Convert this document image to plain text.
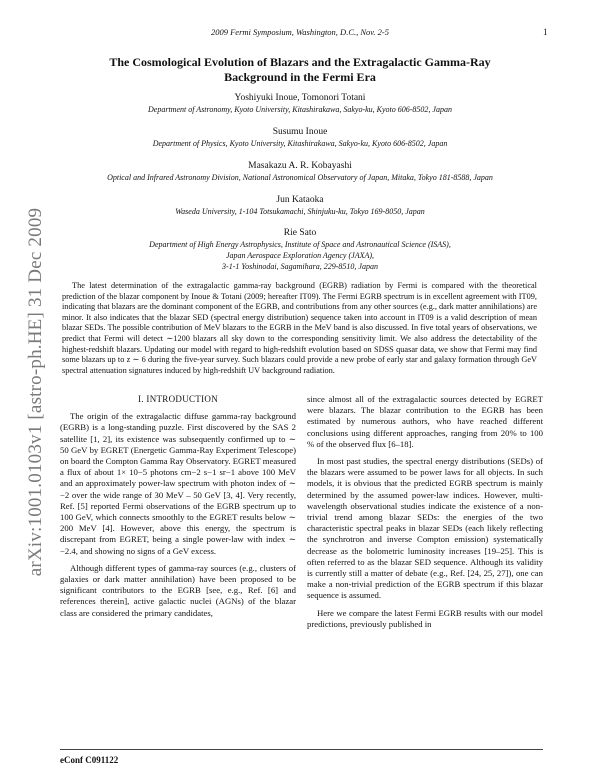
2009 Fermi Symposium, Washington, D.C., Nov. 2-5	1
arXiv:1001.0103v1 [astro-ph.HE] 31 Dec 2009
The Cosmological Evolution of Blazars and the Extragalactic Gamma-Ray
Background in the Fermi Era
Yoshiyuki Inoue, Tomonori Totani
Department of Astronomy, Kyoto University, Kitashirakawa, Sakyo-ku, Kyoto 606-8502, Japan
Susumu Inoue
Department of Physics, Kyoto University, Kitashirakawa, Sakyo-ku, Kyoto 606-8502, Japan
Masakazu A. R. Kobayashi
Optical and Infrared Astronomy Division, National Astronomical Observatory of Japan, Mitaka, Tokyo 181-8588, Japan
Jun Kataoka
Waseda University, 1-104 Totsukamachi, Shinjuku-ku, Tokyo 169-8050, Japan
Rie Sato
Department of High Energy Astrophysics, Institute of Space and Astronautical Science (ISAS),
Japan Aerospace Exploration Agency (JAXA),
3-1-1 Yoshinodai, Sagamihara, 229-8510, Japan
The latest determination of the extragalactic gamma-ray background (EGRB) radiation by Fermi is compared with the theoretical prediction of the blazar component by Inoue & Totani (2009; hereafter IT09). The Fermi EGRB spectrum is in excellent agreement with IT09, indicating that blazars are the dominant component of the EGRB, and contributions from any other sources (e.g., dark matter annihilations) are minor. It also indicates that the blazar SED (spectral energy distribution) sequence taken into account in IT09 is a valid description of mean blazar SEDs. The possible contribution of MeV blazars to the EGRB in the MeV band is also discussed. In five total years of observations, we predict that Fermi will detect ∼1200 blazars all sky down to the corresponding sensitivity limit. We also address the detectability of the highest-redshift blazars. Updating our model with regard to high-redshift evolution based on SDSS quasar data, we show that Fermi may find some blazars up to z ∼ 6 during the five-year survey. Such blazars could provide a new probe of early star and galaxy formation through GeV spectral attenuation signatures induced by high-redshift UV background radiation.

I. INTRODUCTION

The origin of the extragalactic diffuse gamma-ray background (EGRB) is a long-standing puzzle. First discovered by the SAS 2 satellite [1, 2], its existence was subsequently confirmed up to ∼ 50 GeV by EGRET (Energetic Gamma-Ray Experiment Telescope) on board the Compton Gamma Ray Observatory. EGRET measured a flux of about 1× 10−5 photons cm−2 s−1 sr−1 above 100 MeV and an approximately power-law spectrum with photon index of ∼ −2 over the wide range of 30 MeV – 50 GeV [3, 4]. Very recently, Ref. [5] reported Fermi observations of the EGRB spectrum up to 100 GeV, which connects smoothly to the EGRET results below ∼ 200 MeV [4]. However, above this energy, the spectrum is discrepant from EGRET, being a single power-law with index ∼ −2.4, and showing no signs of a GeV excess.

Although different types of gamma-ray sources (e.g., clusters of galaxies or dark matter annihilation) have been proposed to be significant contributors to the EGRB [see, e.g., Ref. [6] and references therein], active galactic nuclei (AGNs) of the blazar class are considered the primary candidates,

since almost all of the extragalactic sources detected by EGRET were blazars. The blazar contribution to the EGRB has been estimated by numerous authors, who have reached different conclusions using different approaches, ranging from 20% to 100 % of the observed flux [6–18].

In most past studies, the spectral energy distributions (SEDs) of the blazars were assumed to be power laws for all objects. In such models, it is obvious that the predicted EGRB spectrum is mainly determined by the assumed power-law indices. However, multi-wavelength observational studies indicate the existence of a non-trivial trend among blazar SEDs: the energies of the two characteristic spectral peaks in blazar SEDs (each likely reflecting the synchrotron and inverse Compton emission) systematically decrease as the bolometric luminosity increases [19–25]. This is often referred to as the blazar SED sequence. Although its validity is currently still a matter of debate (e.g., Ref. [24, 25, 27]), one can make a non-trivial prediction of the EGRB spectrum if this blazar sequence is assumed.

Here we compare the latest Fermi EGRB results with our model predictions, previously published in

eConf C091122
